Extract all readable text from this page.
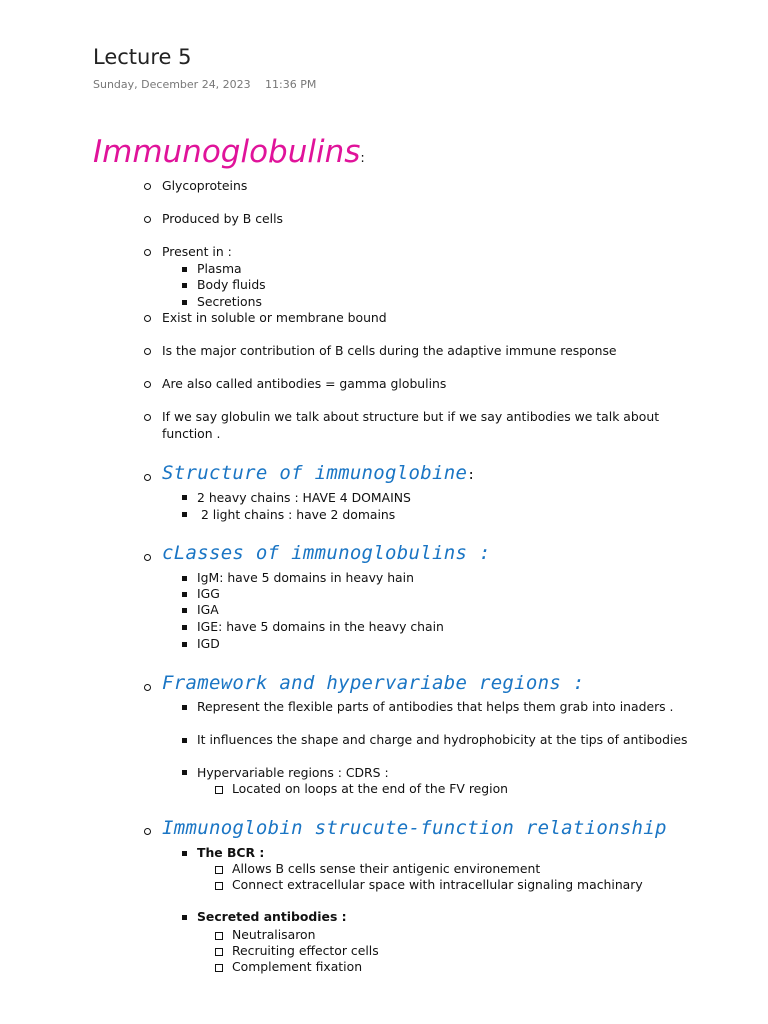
Lecture 5
Sunday, December 24, 2023 11:36 PM
Immunoglobulins:
Glycoproteins
Produced by B cells
Present in :
Plasma
Body fluids
Secretions
Exist in soluble or membrane bound
Is the major contribution of B cells during the adaptive immune response
Are also called antibodies = gamma globulins
If we say globulin we talk about structure but if we say antibodies we talk about
function .
Structure of immunoglobine:
2 heavy chains : HAVE 4 DOMAINS
2 light chains : have 2 domains
cLasses of immunoglobulins :
IgM: have 5 domains in heavy hain
IGG
IGA
IGE: have 5 domains in the heavy chain
IGD
Framework and hypervariabe regions :
Represent the flexible parts of antibodies that helps them grab into inaders .
It influences the shape and charge and hydrophobicity at the tips of antibodies
Hypervariable regions : CDRS :
Located on loops at the end of the FV region
Immunoglobin strucute-function relationship
The BCR :
Allows B cells sense their antigenic environement
Connect extracellular space with intracellular signaling machinary
Secreted antibodies :
Neutralisaron
Recruiting effector cells
Complement fixation
